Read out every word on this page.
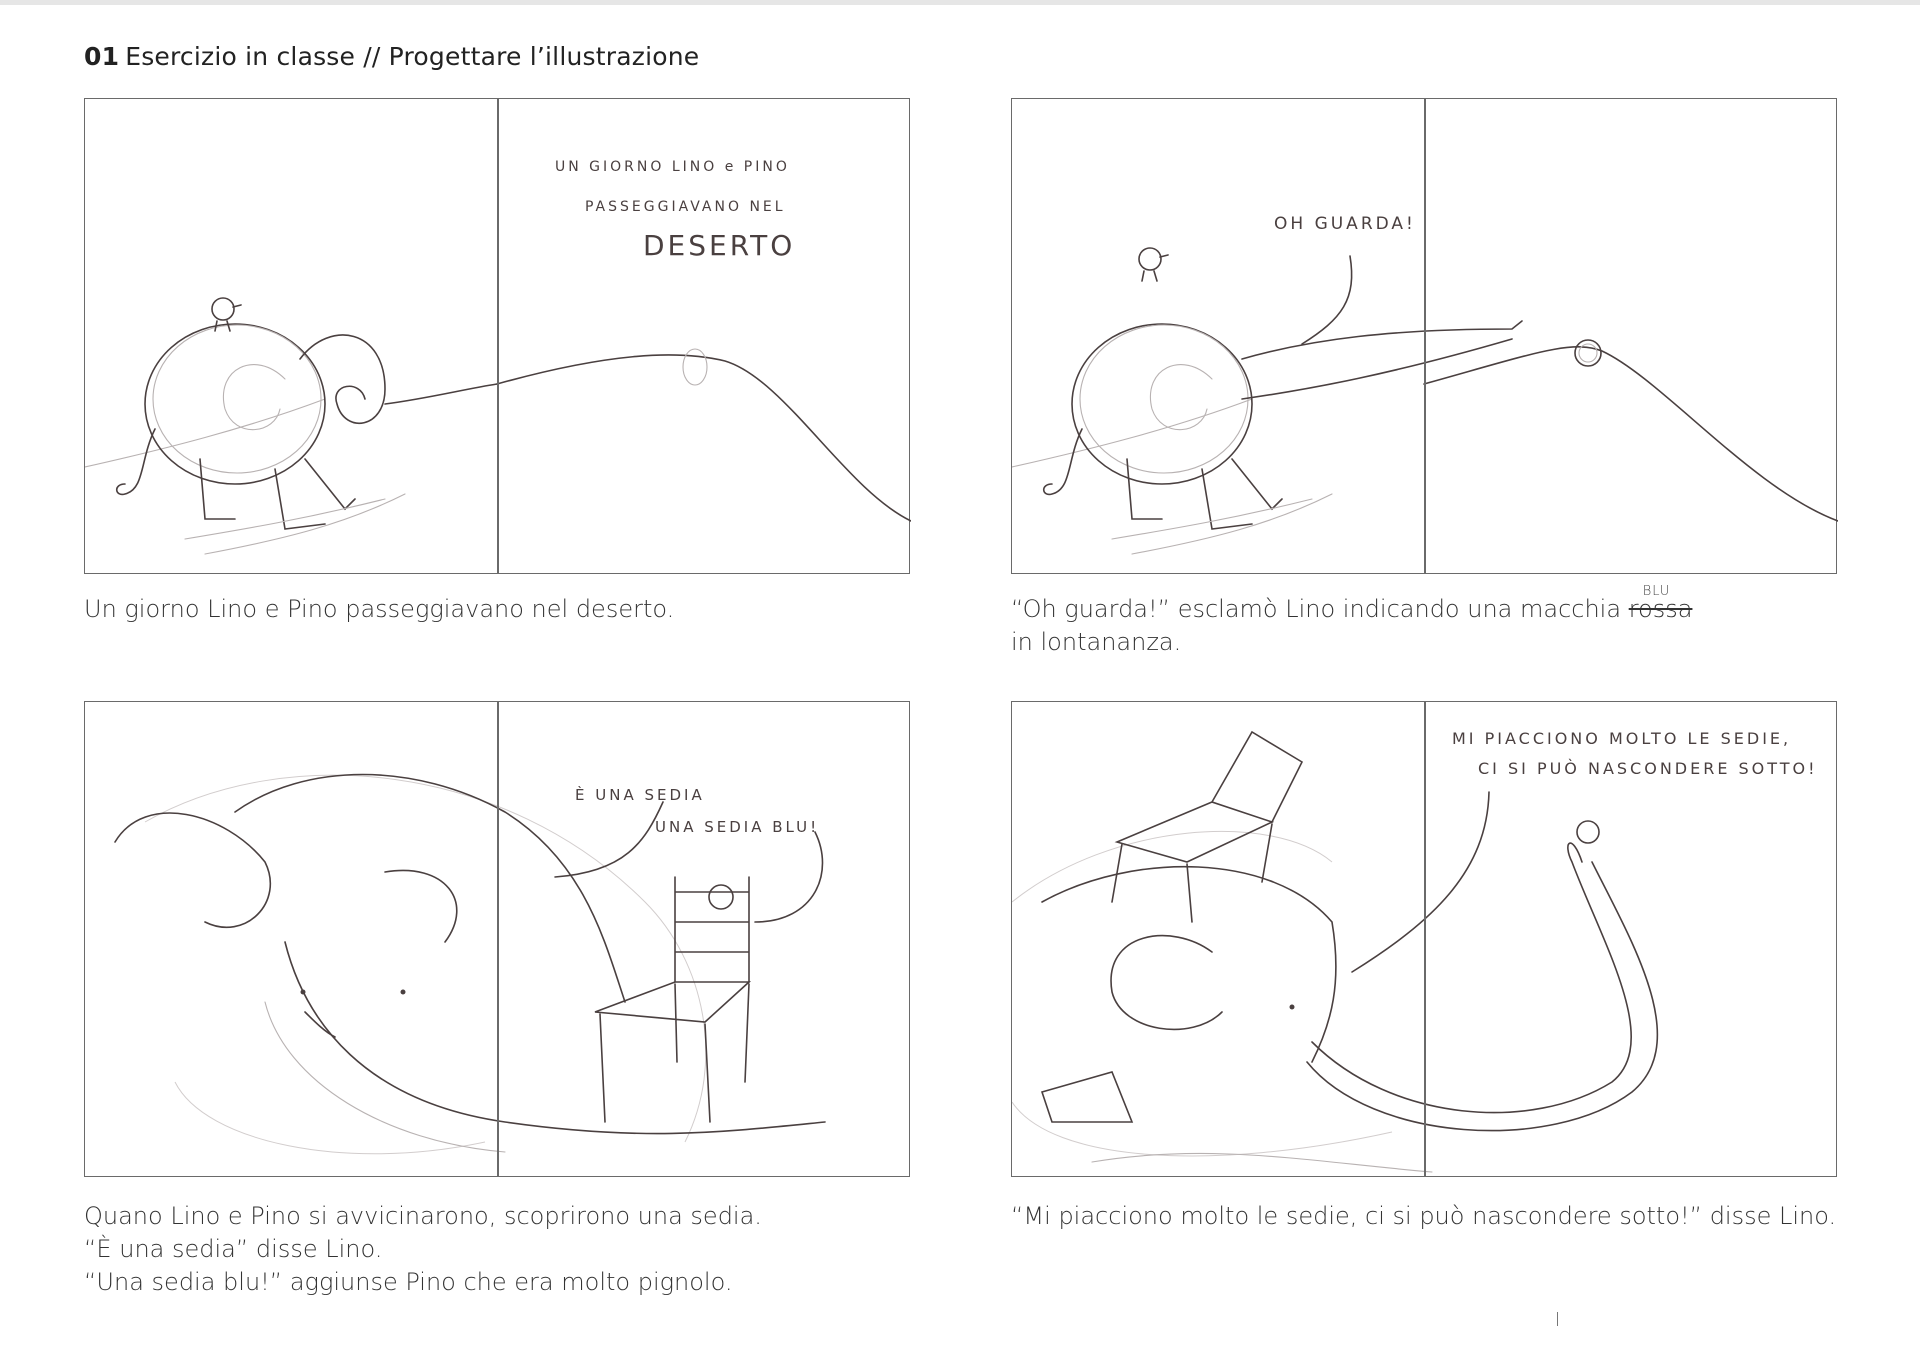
01 Esercizio in classe // Progettare l’illustrazione
UN GIORNO LINO e PINO
PASSEGGIAVANO NEL
DESERTO
OH GUARDA!
È UNA SEDIA
UNA SEDIA BLU!
MI PIACCIONO MOLTO LE SEDIE,
CI SI PUÒ NASCONDERE SOTTO!
Un giorno Lino e Pino passeggiavano nel deserto.	“Oh guarda!” esclamò Lino indicando una macchia rossa
BLU
in lontananza.
Quano Lino e Pino si avvicinarono, scoprirono una sedia.
“È una sedia” disse Lino.
“Una sedia blu!” aggiunse Pino che era molto pignolo.
“Mi piacciono molto le sedie, ci si può nascondere sotto!” disse Lino.
